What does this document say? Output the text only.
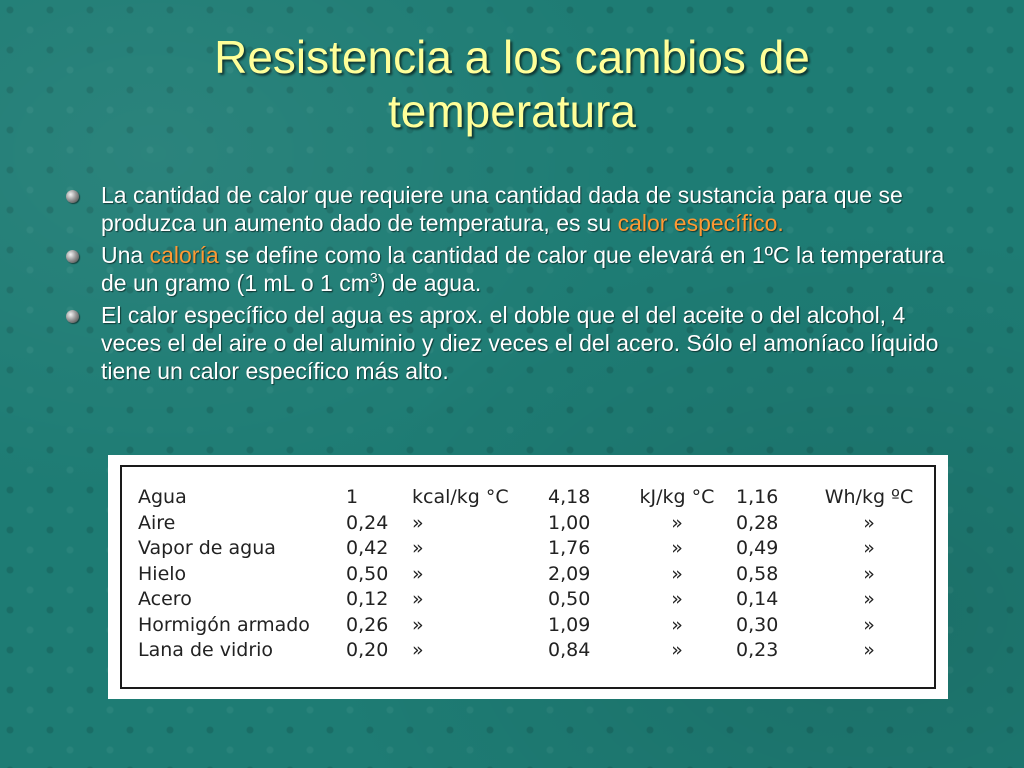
Resistencia a los cambios de
temperatura
La cantidad de calor que requiere una cantidad dada de sustancia para que se produzca un aumento dado de temperatura, es su calor específico.
Una caloría se define como la cantidad de calor que elevará en 1ºC la temperatura de un gramo (1 mL o 1 $cm^3$) de agua.
El calor específico del agua es aprox. el doble que el del aceite o del alcohol, 4 veces el del aire o del aluminio y diez veces el del acero. Sólo el amoníaco líquido tiene un calor específico más alto.
Agua	1	kcal/kg °C	4,18	kJ/kg °C	1,16	Wh/kg ºC
Aire	0,24	»	1,00	»	0,28	»
Vapor de agua	0,42	»	1,76	»	0,49	»
Hielo	0,50	»	2,09	»	0,58	»
Acero	0,12	»	0,50	»	0,14	»
Hormigón armado	0,26	»	1,09	»	0,30	»
Lana de vidrio	0,20	»	0,84	»	0,23	»
